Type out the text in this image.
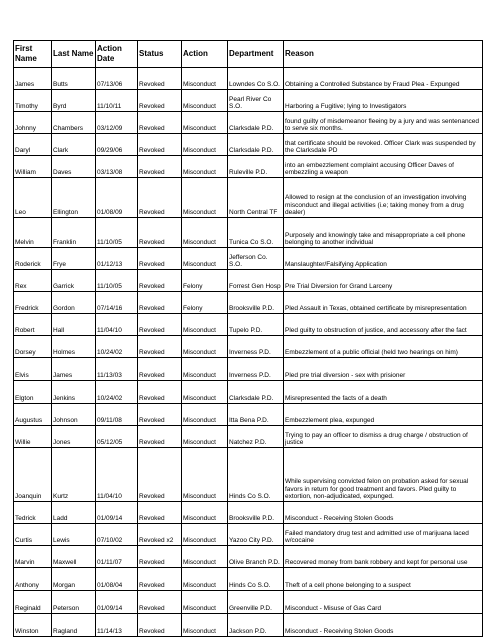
First Name	Last Name	Action Date	Status	Action	Department	Reason
James	Butts	07/13/06	Revoked	Misconduct	Lowndes Co S.O.	Obtaining a Controlled Substance by Fraud Plea - Expunged
Timothy	Byrd	11/10/11	Revoked	Misconduct	Pearl River Co S.O.	Harboring a Fugitive; lying to Investigators
Johnny	Chambers	03/12/09	Revoked	Misconduct	Clarksdale P.D.	found guilty of misdemeanor fleeing by a jury and was sentenanced to serve six months.
Daryl	Clark	09/29/06	Revoked	Misconduct	Clarksdale P.D.	that certificate should be revoked. Officer Clark was suspended by the Clarksdale PD
William	Daves	03/13/08	Revoked	Misconduct	Ruleville P.D.	into an embezzlement complaint accusing Officer Daves of embezzling a weapon
Leo	Ellington	01/08/09	Revoked	Misconduct	North Central TF	Allowed to resign at the conclusion of an investigation involving misconduct and illegal activities (i.e; taking money from a drug dealer)
Melvin	Franklin	11/10/05	Revoked	Misconduct	Tunica Co S.O.	Purposely and knowingly take and misappropriate a cell phone belonging to another individual
Roderick	Frye	01/12/13	Revoked	Misconduct	Jefferson Co. S.O.	Manslaughter/Falsifying Application
Rex	Garrick	11/10/05	Revoked	Felony	Forrest Gen Hosp	Pre Trial Diversion for Grand Larceny
Fredrick	Gordon	07/14/16	Revoked	Felony	Brooksville P.D.	Pled Assault in Texas, obtained certificate by misrepresentation
Robert	Hall	11/04/10	Revoked	Misconduct	Tupelo P.D.	Pled guilty to obstruction of justice, and accessory after the fact
Dorsey	Holmes	10/24/02	Revoked	Misconduct	Inverness P.D.	Embezzlement of a public official (held two hearings on him)
Elvis	James	11/13/03	Revoked	Misconduct	Inverness P.D.	Pled pre trial diversion - sex with prisioner
Elgton	Jenkins	10/24/02	Revoked	Misconduct	Clarksdale P.D.	Misrepresented the facts of a death
Augustus	Johnson	09/11/08	Revoked	Misconduct	Itta Bena P.D.	Embezzlement plea, expunged
Willie	Jones	05/12/05	Revoked	Misconduct	Natchez P.D.	Trying to pay an officer to dismiss a drug charge / obstruction of justice
Joanquin	Kurtz	11/04/10	Revoked	Misconduct	Hinds Co S.O.	While supervising convicted felon on probation asked for sexual favors in return for good treatment and favors. Pled guilty to extortion, non-adjudicated, expunged.
Tedrick	Ladd	01/09/14	Revoked	Misconduct	Brooksville P.D.	Misconduct - Receiving Stolen Goods
Curtis	Lewis	07/10/02	Revoked x2	Misconduct	Yazoo City P.D.	Failed mandatory drug test and admitted use of marijuana laced w/cocaine
Marvin	Maxwell	01/11/07	Revoked	Misconduct	Olive Branch P.D.	Recovered money from bank robbery and kept for personal use
Anthony	Morgan	01/08/04	Revoked	Misconduct	Hinds Co S.O.	Theft of a cell phone belonging to a suspect
Reginald	Peterson	01/09/14	Revoked	Misconduct	Greenville P.D.	Misconduct - Misuse of Gas Card
Winston	Ragland	11/14/13	Revoked	Misconduct	Jackson P.D.	Misconduct - Receiving Stolen Goods
